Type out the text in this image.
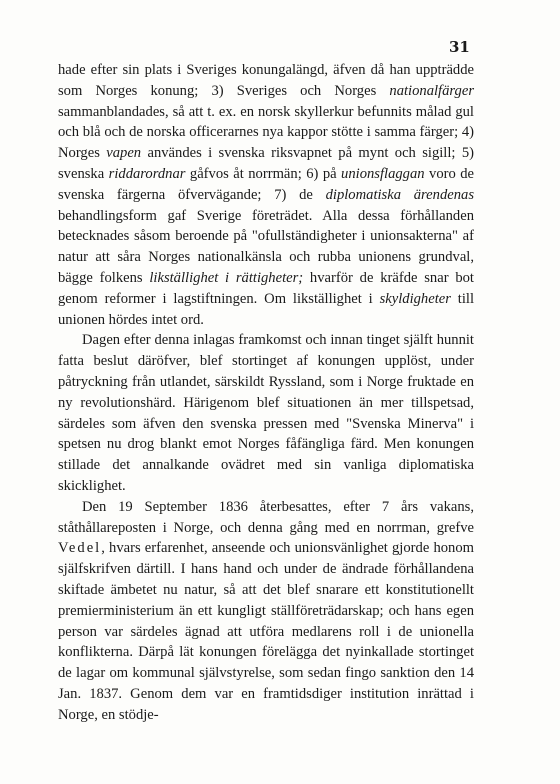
31

hade efter sin plats i Sveriges konungalängd, äfven då han uppträdde som Norges konung; 3) Sveriges och Norges nationalfärger sammanblandades, så att t. ex. en norsk skyllerkur befunnits målad gul och blå och de norska officerarnes nya kappor stötte i samma färger; 4) Norges vapen användes i svenska riksvapnet på mynt och sigill; 5) svenska riddarordnar gåfvos åt norrmän; 6) på unionsflaggan voro de svenska färgerna öfvervägande; 7) de diplomatiska ärendenas behandlingsform gaf Sverige företrädet. Alla dessa förhållanden betecknades såsom beroende på "ofullständigheter i unionsakterna" af natur att såra Norges nationalkänsla och rubba unionens grundval, bägge folkens likställighet i rättigheter; hvarför de kräfde snar bot genom reformer i lagstiftningen. Om likställighet i skyldigheter till unionen hördes intet ord.

Dagen efter denna inlagas framkomst och innan tinget själft hunnit fatta beslut däröfver, blef stortinget af konungen upplöst, under påtryckning från utlandet, särskildt Ryssland, som i Norge fruktade en ny revolutionshärd. Härigenom blef situationen än mer tillspetsad, särdeles som äfven den svenska pressen med "Svenska Minerva" i spetsen nu drog blankt emot Norges fåfängliga färd. Men konungen stillade det annalkande ovädret med sin vanliga diplomatiska skicklighet.

Den 19 September 1836 återbesattes, efter 7 års vakans, ståthållareposten i Norge, och denna gång med en norrman, grefve Vedel, hvars erfarenhet, anseende och unionsvänlighet gjorde honom själfskrifven därtill. I hans hand och under de ändrade förhållandena skiftade ämbetet nu natur, så att det blef snarare ett konstitutionellt premierministerium än ett kungligt ställföreträdarskap; och hans egen person var särdeles ägnad att utföra medlarens roll i de unionella konflikterna. Därpå lät konungen förelägga det nyinkallade stortinget de lagar om kommunal självstyrelse, som sedan fingo sanktion den 14 Jan. 1837. Genom dem var en framtidsdiger institution inrättad i Norge, en stödje-
